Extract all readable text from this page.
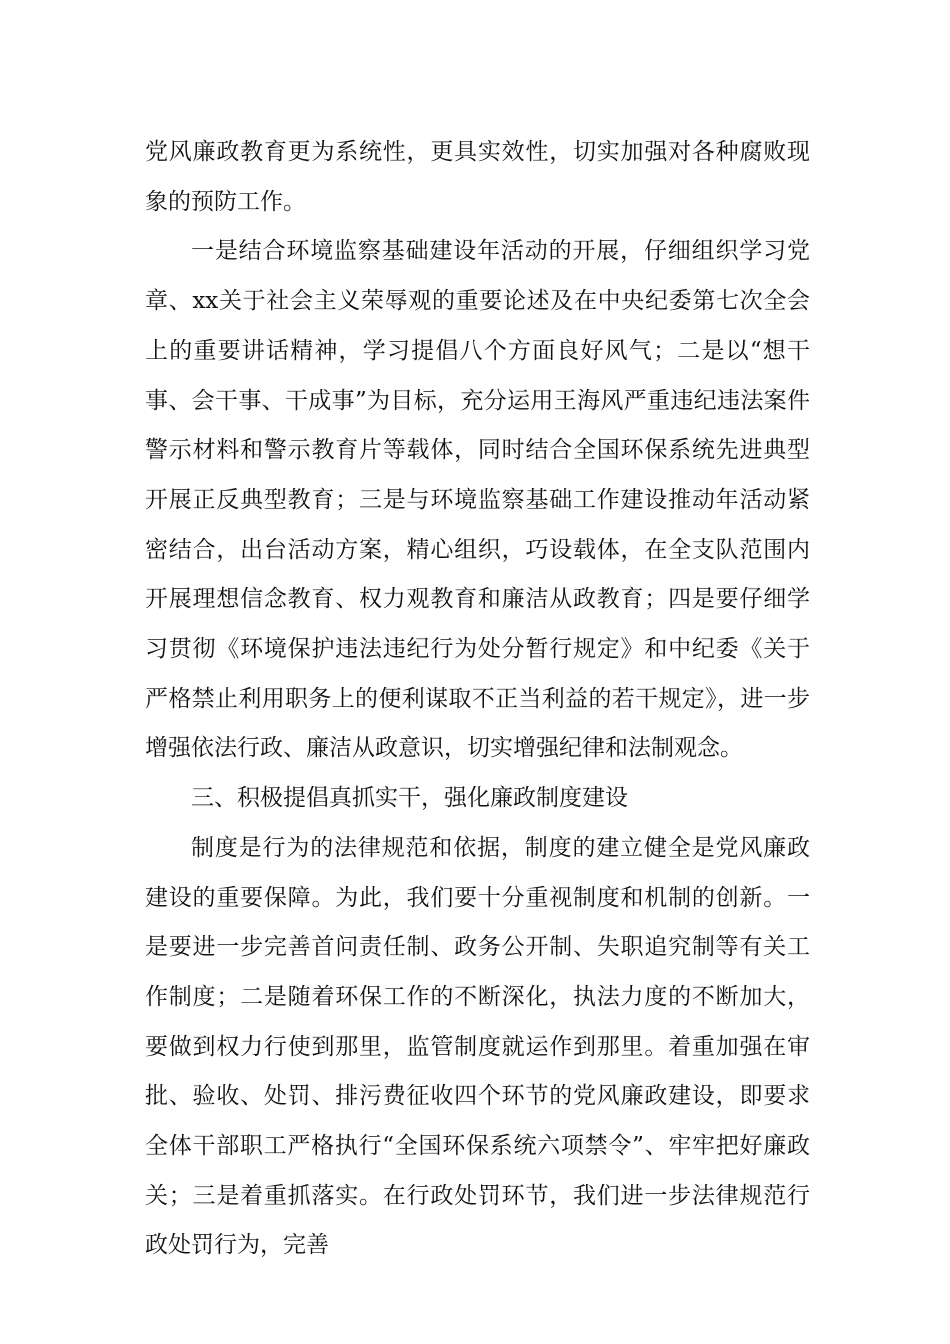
党风廉政教育更为系统性，更具实效性，切实加强对各种腐败现象的预防工作。

一是结合环境监察基础建设年活动的开展，仔细组织学习党章、xx关于社会主义荣辱观的重要论述及在中央纪委第七次全会上的重要讲话精神，学习提倡八个方面良好风气；二是以“想干事、会干事、干成事”为目标，充分运用王海风严重违纪违法案件警示材料和警示教育片等载体，同时结合全国环保系统先进典型开展正反典型教育；三是与环境监察基础工作建设推动年活动紧密结合，出台活动方案，精心组织，巧设载体，在全支队范围内开展理想信念教育、权力观教育和廉洁从政教育；四是要仔细学习贯彻《环境保护违法违纪行为处分暂行规定》和中纪委《关于严格禁止利用职务上的便利谋取不正当利益的若干规定》，进一步增强依法行政、廉洁从政意识，切实增强纪律和法制观念。

三、积极提倡真抓实干，强化廉政制度建设

制度是行为的法律规范和依据，制度的建立健全是党风廉政建设的重要保障。为此，我们要十分重视制度和机制的创新。一是要进一步完善首问责任制、政务公开制、失职追究制等有关工作制度；二是随着环保工作的不断深化，执法力度的不断加大，要做到权力行使到那里，监管制度就运作到那里。着重加强在审批、验收、处罚、排污费征收四个环节的党风廉政建设，即要求全体干部职工严格执行“全国环保系统六项禁令”、牢牢把好廉政关；三是着重抓落实。在行政处罚环节，我们进一步法律规范行政处罚行为，完善
